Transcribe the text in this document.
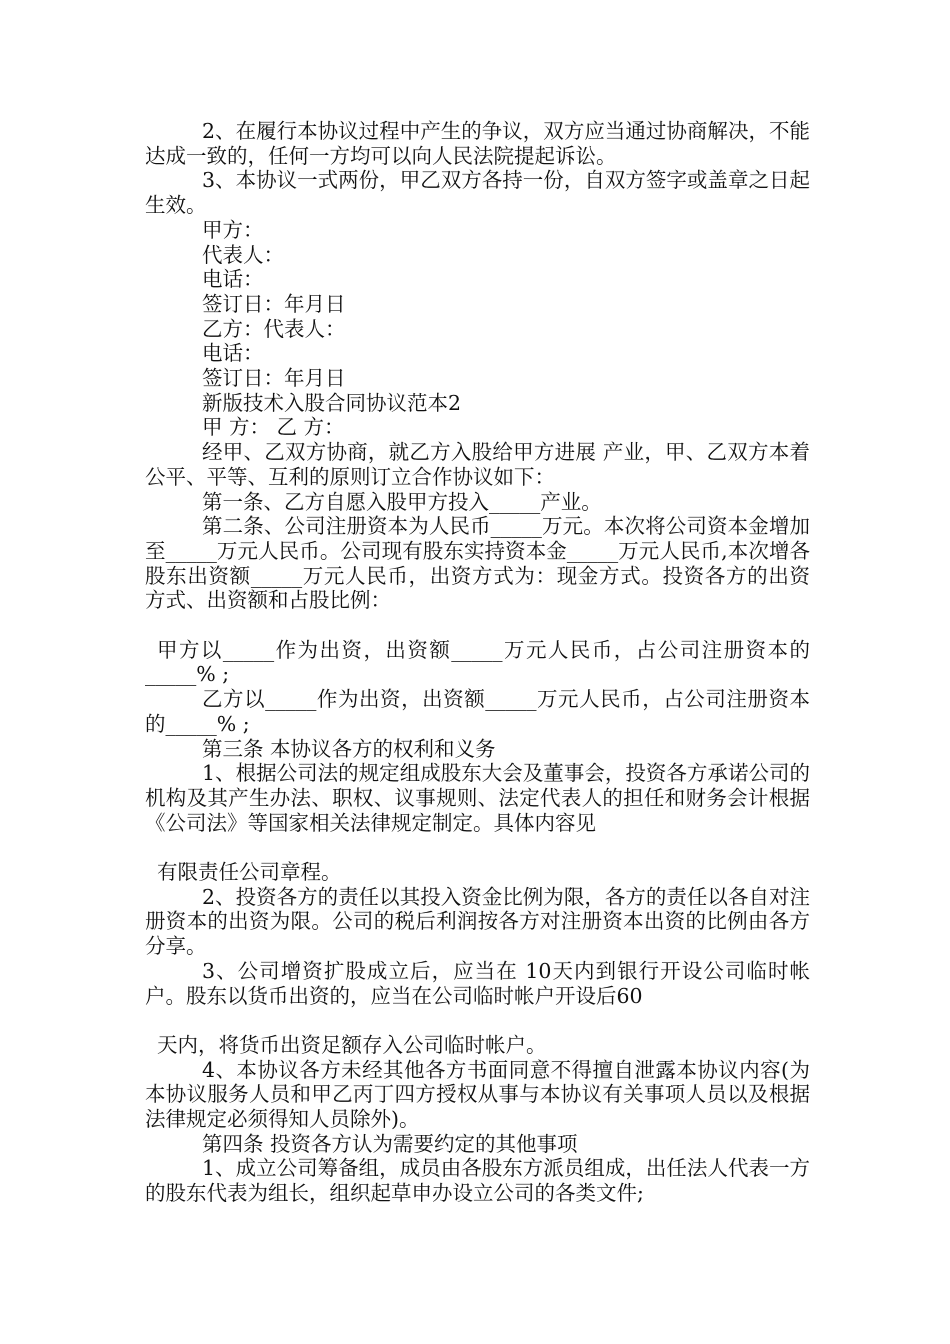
2、在履行本协议过程中产生的争议，双方应当通过协商解决，不能达成一致的，任何一方均可以向人民法院提起诉讼。

3、本协议一式两份，甲乙双方各持一份，自双方签字或盖章之日起生效。

甲方：

代表人：

电话：

签订日：年月日

乙方：代表人：

电话：

签订日：年月日

新版技术入股合同协议范本2

甲 方： 乙 方：

经甲、乙双方协商，就乙方入股给甲方进展 产业，甲、乙双方本着公平、平等、互利的原则订立合作协议如下：

第一条、乙方自愿入股甲方投入_____产业。

第二条、公司注册资本为人民币_____万元。本次将公司资本金增加至_____万元人民币。公司现有股东实持资本金_____万元人民币,本次增各股东出资额_____万元人民币，出资方式为：现金方式。投资各方的出资方式、出资额和占股比例：

甲方以_____作为出资，出资额_____万元人民币，占公司注册资本的_____% ;

乙方以_____作为出资，出资额_____万元人民币，占公司注册资本的_____% ;

第三条 本协议各方的权利和义务

1、根据公司法的规定组成股东大会及董事会，投资各方承诺公司的机构及其产生办法、职权、议事规则、法定代表人的担任和财务会计根据《公司法》等国家相关法律规定制定。具体内容见

有限责任公司章程。

2、投资各方的责任以其投入资金比例为限，各方的责任以各自对注册资本的出资为限。公司的税后利润按各方对注册资本出资的比例由各方分享。

3、公司增资扩股成立后，应当在 10天内到银行开设公司临时帐户。股东以货币出资的，应当在公司临时帐户开设后60

天内，将货币出资足额存入公司临时帐户。

4、本协议各方未经其他各方书面同意不得擅自泄露本协议内容(为本协议服务人员和甲乙丙丁四方授权从事与本协议有关事项人员以及根据法律规定必须得知人员除外)。

第四条 投资各方认为需要约定的其他事项

1、成立公司筹备组，成员由各股东方派员组成，出任法人代表一方的股东代表为组长，组织起草申办设立公司的各类文件;
